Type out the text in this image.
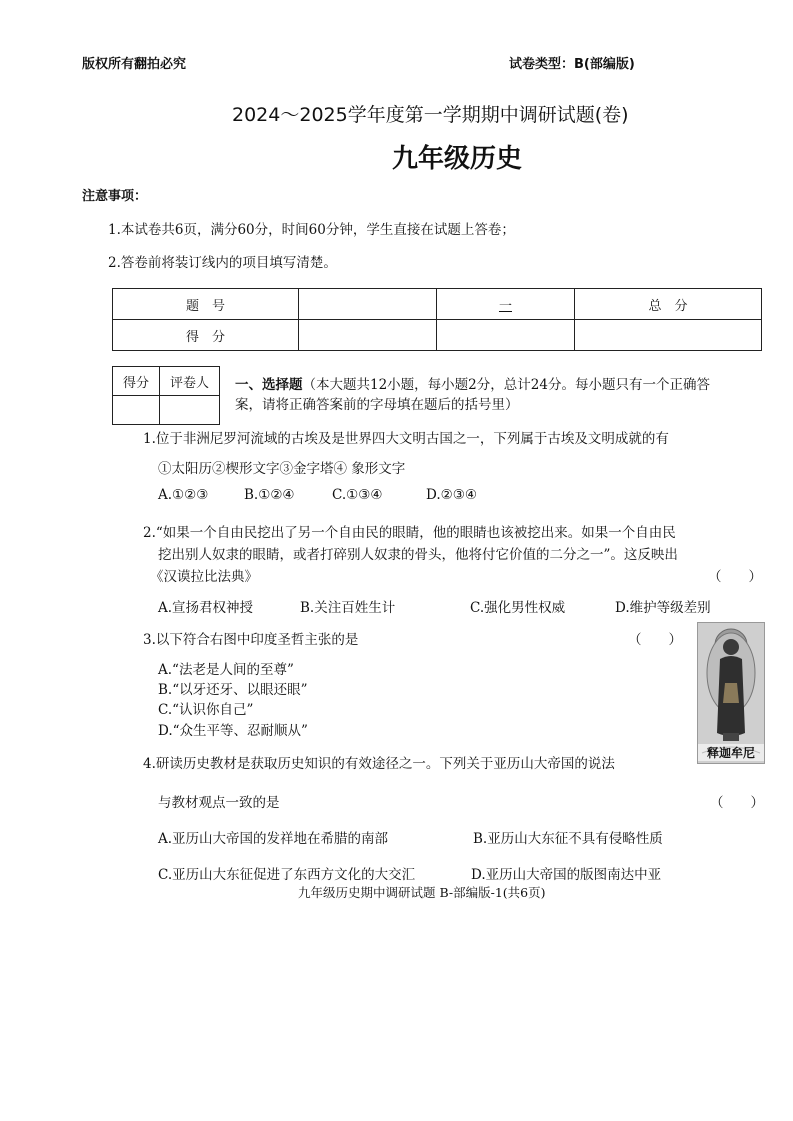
版权所有翻拍必究	试卷类型：B(部编版)
2024～2025学年度第一学期期中调研试题(卷)
九年级历史
注意事项：
1.本试卷共6页，满分60分，时间60分钟，学生直接在试题上答卷；
2.答卷前将装订线内的项目填写清楚。
题　号		一	总　分
得　分			
得分	评卷人
	一、选择题（本大题共12小题，每小题2分，总计24分。每小题只有一个正确答
案，请将正确答案前的字母填在题后的括号里）
1.位于非洲尼罗河流域的古埃及是世界四大文明古国之一，下列属于古埃及文明成就的有
①太阳历②楔形文字③金字塔④ 象形文字
A.①②③	B.①②④	C.①③④	D.②③④
2.“如果一个自由民挖出了另一个自由民的眼睛，他的眼睛也该被挖出来。如果一个自由民
挖出别人奴隶的眼睛，或者打碎别人奴隶的骨头，他将付它价值的二分之一”。这反映出
《汉谟拉比法典》	（　　）
A.宣扬君权神授	B.关注百姓生计	C.强化男性权威	D.维护等级差别
3.以下符合右图中印度圣哲主张的是	（　　）
A.“法老是人间的至尊”
B.“以牙还牙、以眼还眼”
C.“认识你自己”
D.“众生平等、忍耐顺从”
释迦牟尼
4.研读历史教材是获取历史知识的有效途径之一。下列关于亚历山大帝国的说法
与教材观点一致的是	（　　）
A.亚历山大帝国的发祥地在希腊的南部	B.亚历山大东征不具有侵略性质
C.亚历山大东征促进了东西方文化的大交汇	D.亚历山大帝国的版图南达中亚
九年级历史期中调研试题 B-部编版-1(共6页)
